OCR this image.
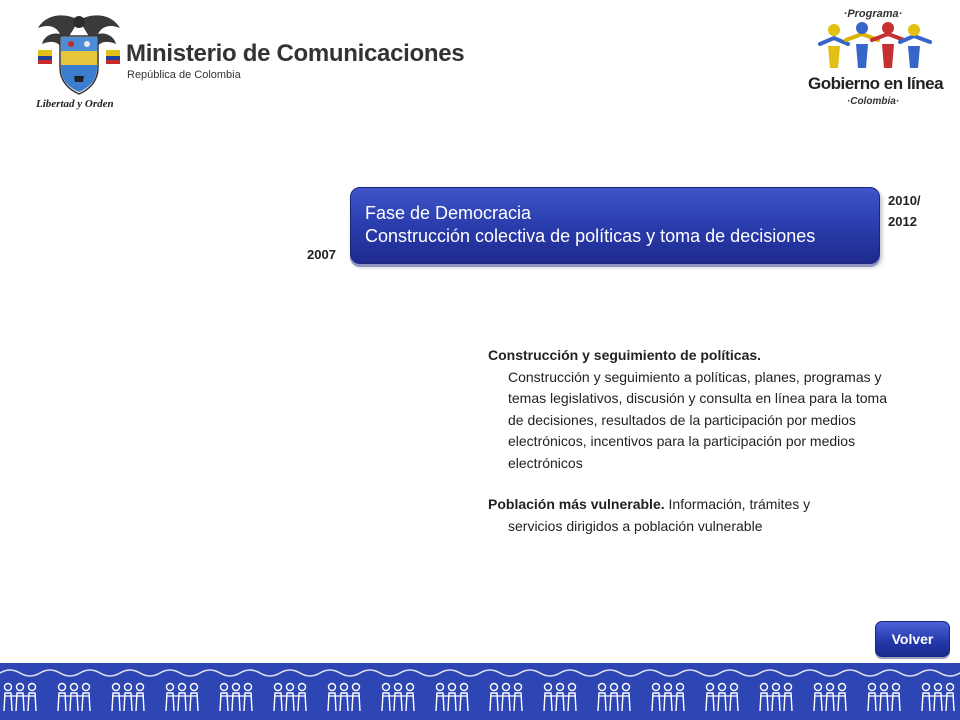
Libertad y Orden
Ministerio de Comunicaciones
República de Colombia
·Programa·
Gobierno en línea
·Colombia·
2007
2010/
2012
Fase de Democracia
Construcción colectiva de políticas y toma de decisiones
Construcción y seguimiento de políticas.
Construcción y seguimiento a políticas, planes, programas y temas legislativos, discusión y consulta en línea para la toma de decisiones, resultados de la participación por medios electrónicos, incentivos para la participación por medios electrónicos
Población más vulnerable. Información, trámites y
servicios dirigidos a población vulnerable
Volver
